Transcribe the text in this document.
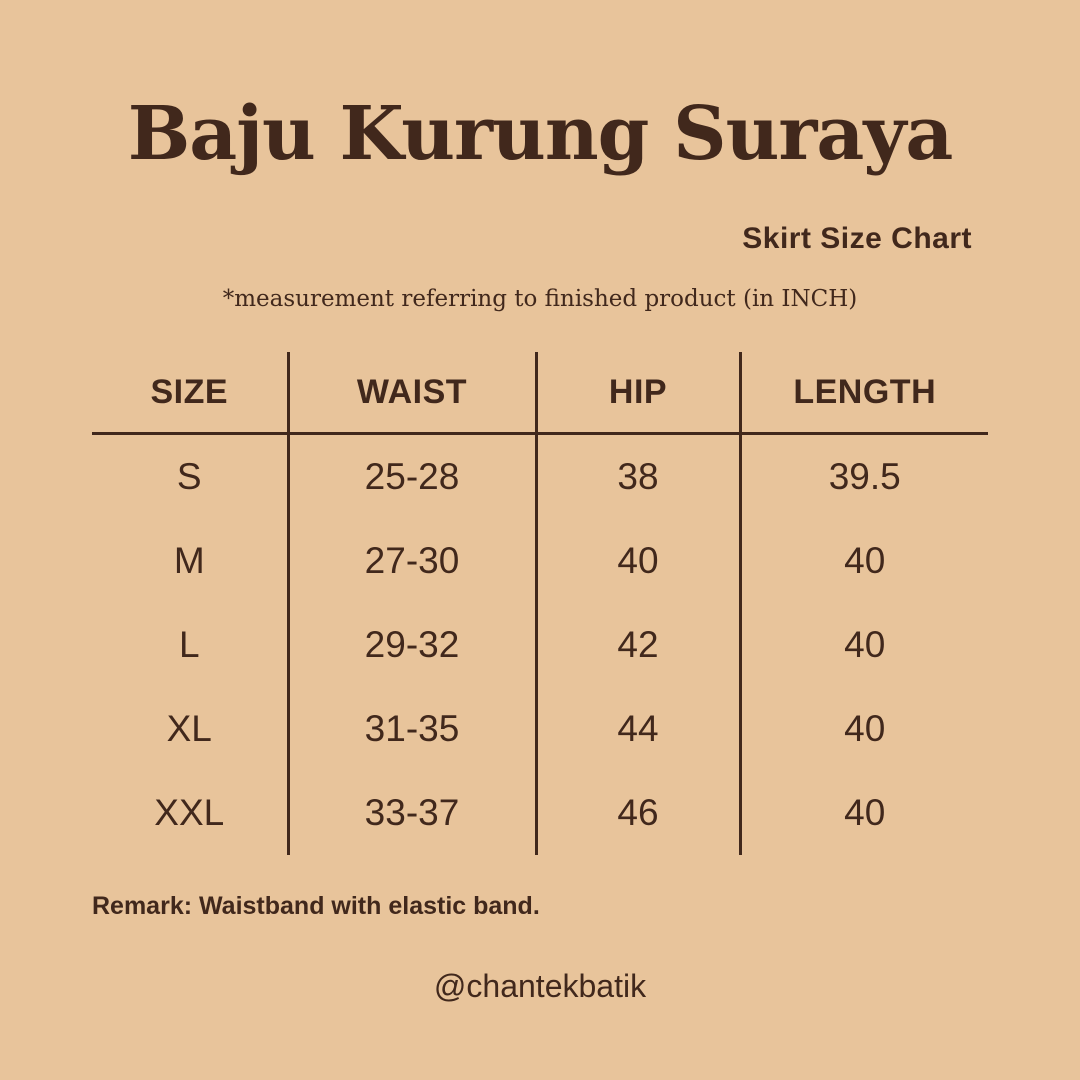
Baju Kurung Suraya
Skirt Size Chart
*measurement referring to finished product (in INCH)
SIZE	WAIST	HIP	LENGTH
S	25-28	38	39.5
M	27-30	40	40
L	29-32	42	40
XL	31-35	44	40
XXL	33-37	46	40
Remark: Waistband with elastic band.
@chantekbatik
